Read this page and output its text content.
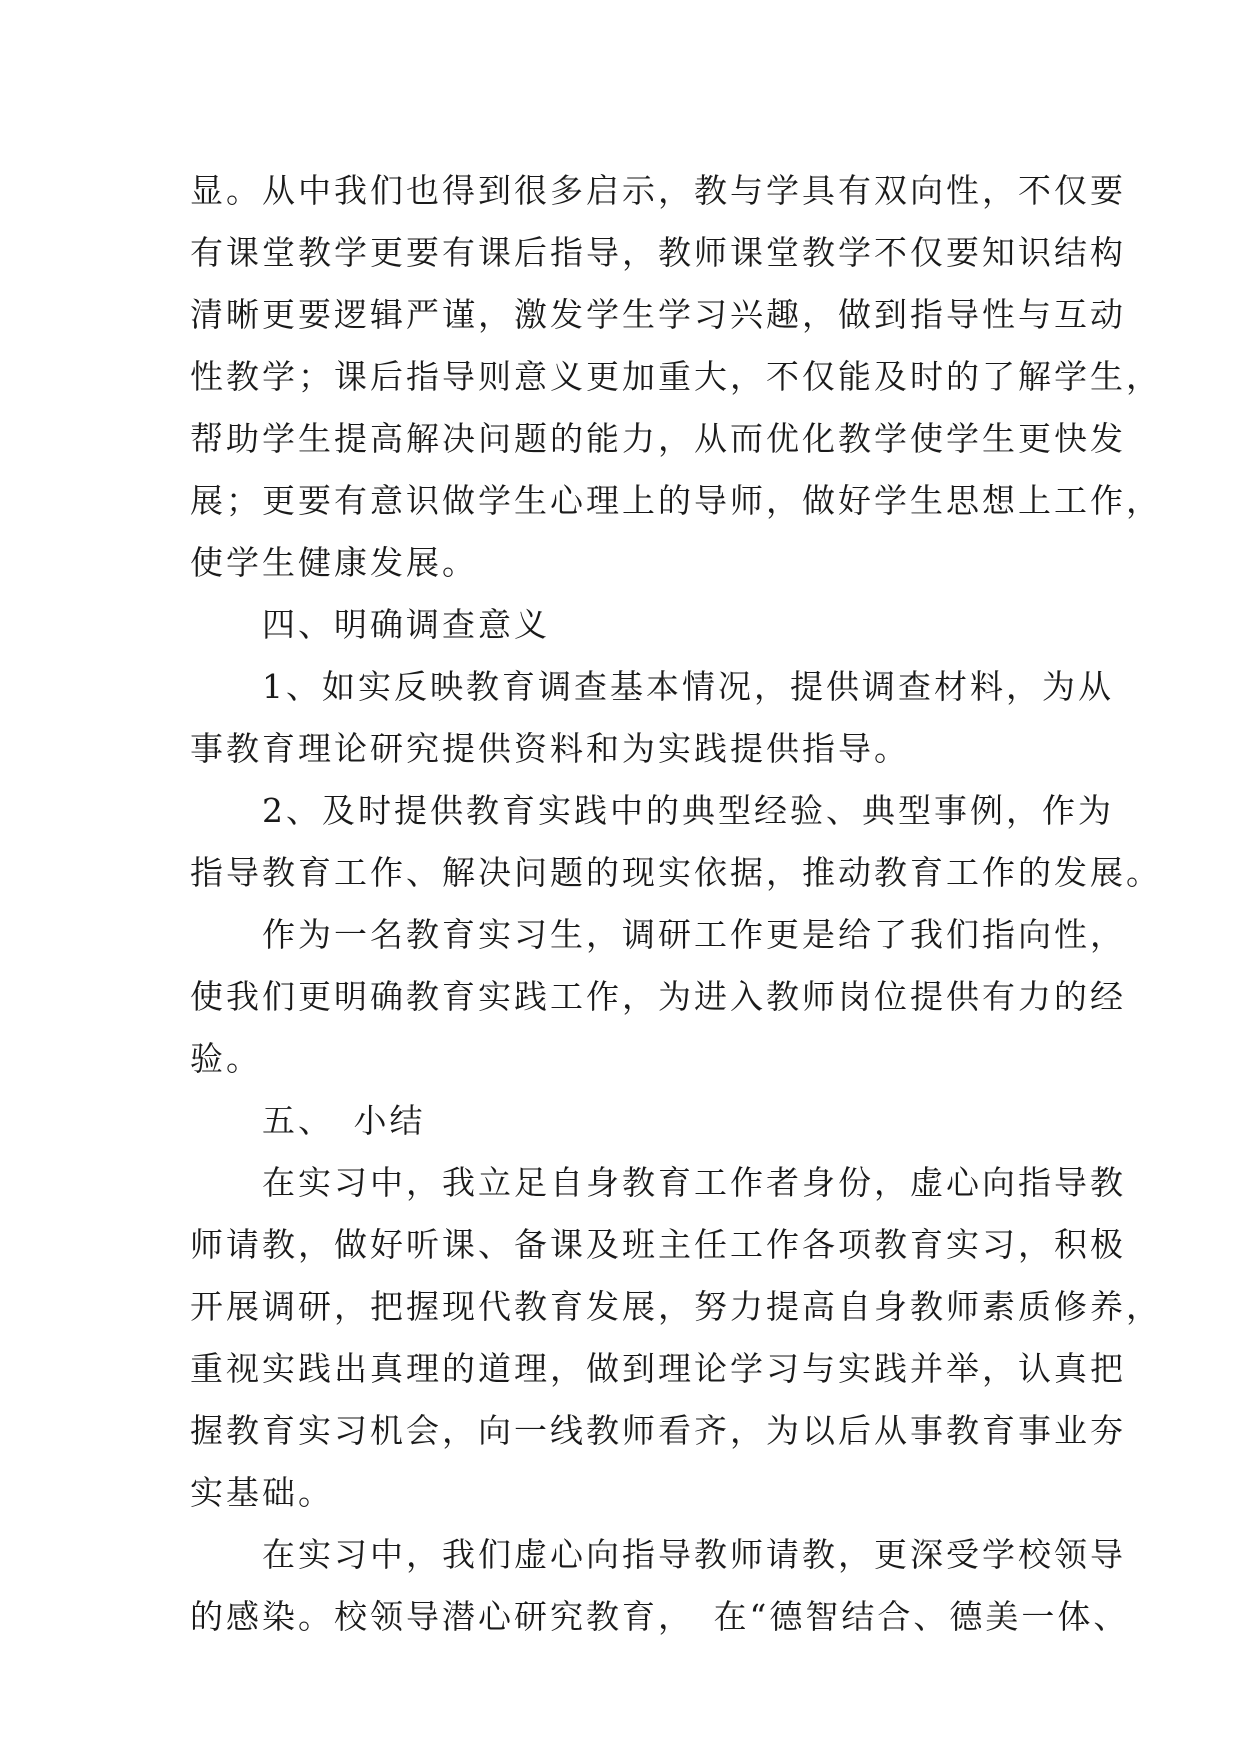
显。从中我们也得到很多启示，教与学具有双向性，不仅要
有课堂教学更要有课后指导，教师课堂教学不仅要知识结构
清晰更要逻辑严谨，激发学生学习兴趣，做到指导性与互动
性教学；课后指导则意义更加重大，不仅能及时的了解学生，
帮助学生提高解决问题的能力，从而优化教学使学生更快发
展；更要有意识做学生心理上的导师，做好学生思想上工作，
使学生健康发展。
　　四、明确调查意义
　　1、如实反映教育调查基本情况，提供调查材料，为从
事教育理论研究提供资料和为实践提供指导。
　　2、及时提供教育实践中的典型经验、典型事例，作为
指导教育工作、解决问题的现实依据，推动教育工作的发展。
　　作为一名教育实习生，调研工作更是给了我们指向性，
使我们更明确教育实践工作，为进入教师岗位提供有力的经
验。
　　五、　小结
　　在实习中，我立足自身教育工作者身份，虚心向指导教
师请教，做好听课、备课及班主任工作各项教育实习，积极
开展调研，把握现代教育发展，努力提高自身教师素质修养，
重视实践出真理的道理，做到理论学习与实践并举，认真把
握教育实习机会，向一线教师看齐，为以后从事教育事业夯
实基础。
　　在实习中，我们虚心向指导教师请教，更深受学校领导
的感染。校领导潜心研究教育，　在“德智结合、德美一体、
